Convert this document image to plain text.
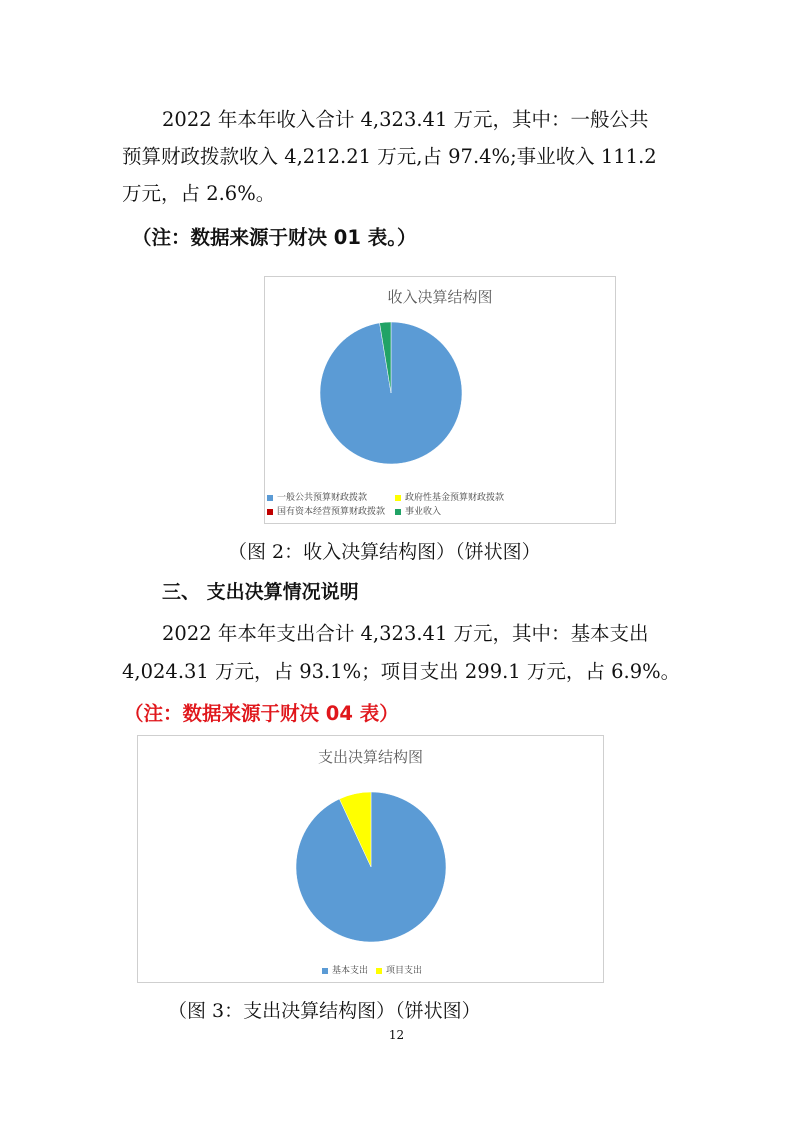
2022 年本年收入合计 4,323.41 万元，其中：一般公共
预算财政拨款收入 4,212.21 万元,占 97.4%;事业收入 111.2
万元，占 2.6%。
（注：数据来源于财决 01 表。）
收入决算结构图
一般公共预算财政拨款	政府性基金预算财政拨款
国有资本经营预算财政拨款	事业收入
（图 2：收入决算结构图）（饼状图）
三、 支出决算情况说明
2022 年本年支出合计 4,323.41 万元，其中：基本支出
4,024.31 万元，占 93.1%；项目支出 299.1 万元，占 6.9%。
（注：数据来源于财决 04 表）
支出决算结构图
基本支出	项目支出
（图 3：支出决算结构图）（饼状图）
12
